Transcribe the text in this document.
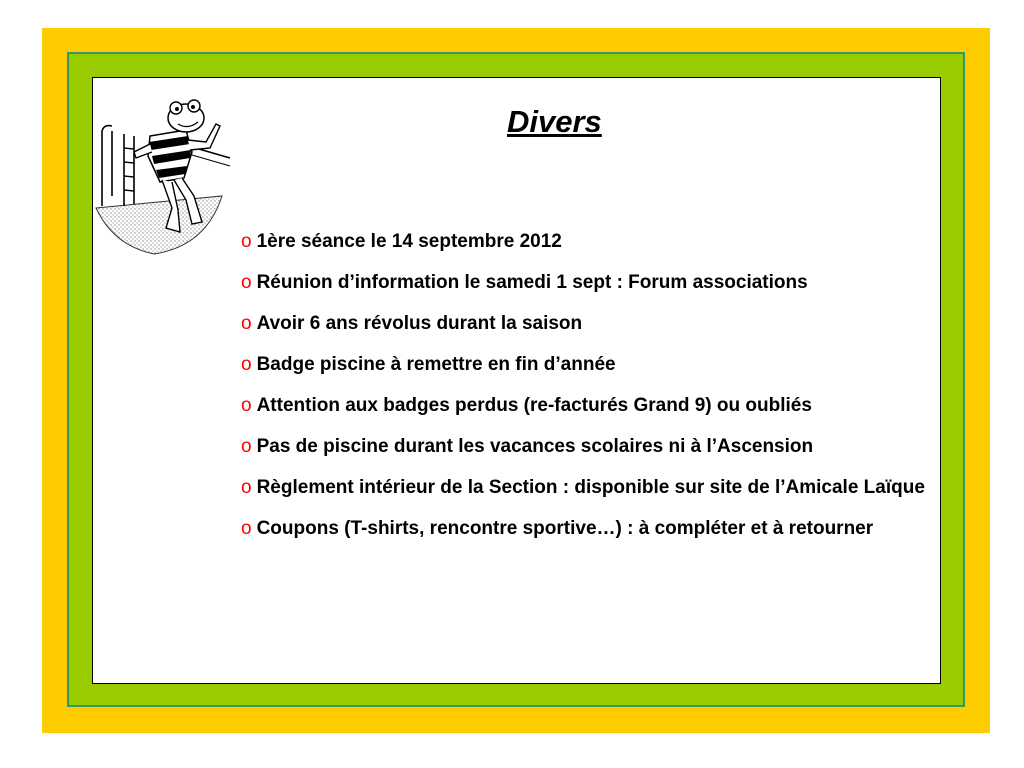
Divers
o 1ère séance le 14 septembre 2012
o Réunion d’information le samedi 1 sept : Forum associations
o Avoir 6 ans révolus durant la saison
o Badge piscine à remettre en fin d’année
o Attention aux badges perdus (re-facturés Grand 9) ou oubliés
o Pas de piscine durant les vacances scolaires ni à l’Ascension
o Règlement intérieur de la Section : disponible sur site de l’Amicale Laïque
o Coupons (T-shirts, rencontre sportive…) : à compléter et à retourner
